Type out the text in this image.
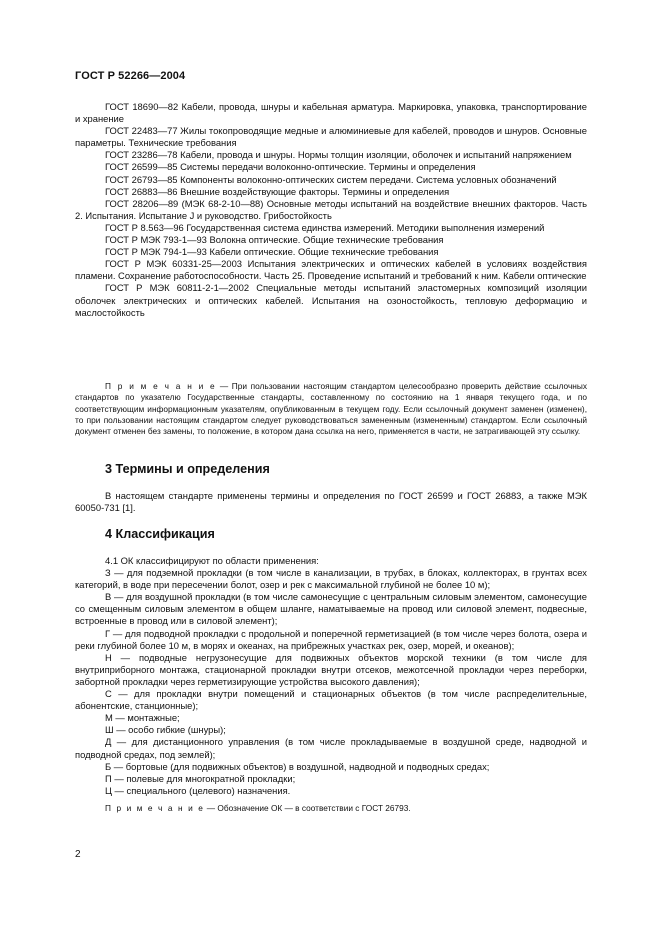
ГОСТ Р 52266—2004

ГОСТ 18690—82 Кабели, провода, шнуры и кабельная арматура. Маркировка, упаковка, транспортирование и хранение

ГОСТ 22483—77 Жилы токопроводящие медные и алюминиевые для кабелей, проводов и шнуров. Основные параметры. Технические требования

ГОСТ 23286—78 Кабели, провода и шнуры. Нормы толщин изоляции, оболочек и испытаний напряжением

ГОСТ 26599—85 Системы передачи волоконно-оптические. Термины и определения

ГОСТ 26793—85 Компоненты волоконно-оптических систем передачи. Система условных обозначений

ГОСТ 26883—86 Внешние воздействующие факторы. Термины и определения

ГОСТ 28206—89 (МЭК 68-2-10—88) Основные методы испытаний на воздействие внешних факторов. Часть 2. Испытания. Испытание J и руководство. Грибостойкость

ГОСТ Р 8.563—96 Государственная система единства измерений. Методики выполнения измерений

ГОСТ Р МЭК 793-1—93 Волокна оптические. Общие технические требования

ГОСТ Р МЭК 794-1—93 Кабели оптические. Общие технические требования

ГОСТ Р МЭК 60331-25—2003 Испытания электрических и оптических кабелей в условиях воздействия пламени. Сохранение работоспособности. Часть 25. Проведение испытаний и требований к ним. Кабели оптические

ГОСТ Р МЭК 60811-2-1—2002 Специальные методы испытаний эластомерных композиций изоляции оболочек электрических и оптических кабелей. Испытания на озоностойкость, тепловую деформацию и маслостойкость

П р и м е ч а н и е — При пользовании настоящим стандартом целесообразно проверить действие ссылочных стандартов по указателю Государственные стандарты, составленному по состоянию на 1 января текущего года, и по соответствующим информационным указателям, опубликованным в текущем году. Если ссылочный документ заменен (изменен), то при пользовании настоящим стандартом следует руководствоваться замененным (измененным) стандартом. Если ссылочный документ отменен без замены, то положение, в котором дана ссылка на него, применяется в части, не затрагивающей эту ссылку.

3 Термины и определения

В настоящем стандарте применены термины и определения по ГОСТ 26599 и ГОСТ 26883, а также МЭК 60050-731 [1].

4 Классификация

4.1 ОК классифицируют по области применения:

З — для подземной прокладки (в том числе в канализации, в трубах, в блоках, коллекторах, в грунтах всех категорий, в воде при пересечении болот, озер и рек с максимальной глубиной не более 10 м);

В — для воздушной прокладки (в том числе самонесущие с центральным силовым элементом, самонесущие со смещенным силовым элементом в общем шланге, наматываемые на провод или силовой элемент, подвесные, встроенные в провод или в силовой элемент);

Г — для подводной прокладки с продольной и поперечной герметизацией (в том числе через болота, озера и реки глубиной более 10 м, в морях и океанах, на прибрежных участках рек, озер, морей, и океанов);

Н — подводные негрузонесущие для подвижных объектов морской техники (в том числе для внутриприборного монтажа, стационарной прокладки внутри отсеков, межотсечной прокладки через переборки, забортной прокладки через герметизирующие устройства высокого давления);

С — для прокладки внутри помещений и стационарных объектов (в том числе распределительные, абонентские, станционные);

М — монтажные;

Ш — особо гибкие (шнуры);

Д — для дистанционного управления (в том числе прокладываемые в воздушной среде, надводной и подводной средах, под землей);

Б — бортовые (для подвижных объектов) в воздушной, надводной и подводных средах;

П — полевые для многократной прокладки;

Ц — специального (целевого) назначения.

П р и м е ч а н и е — Обозначение ОК — в соответствии с ГОСТ 26793.

2
